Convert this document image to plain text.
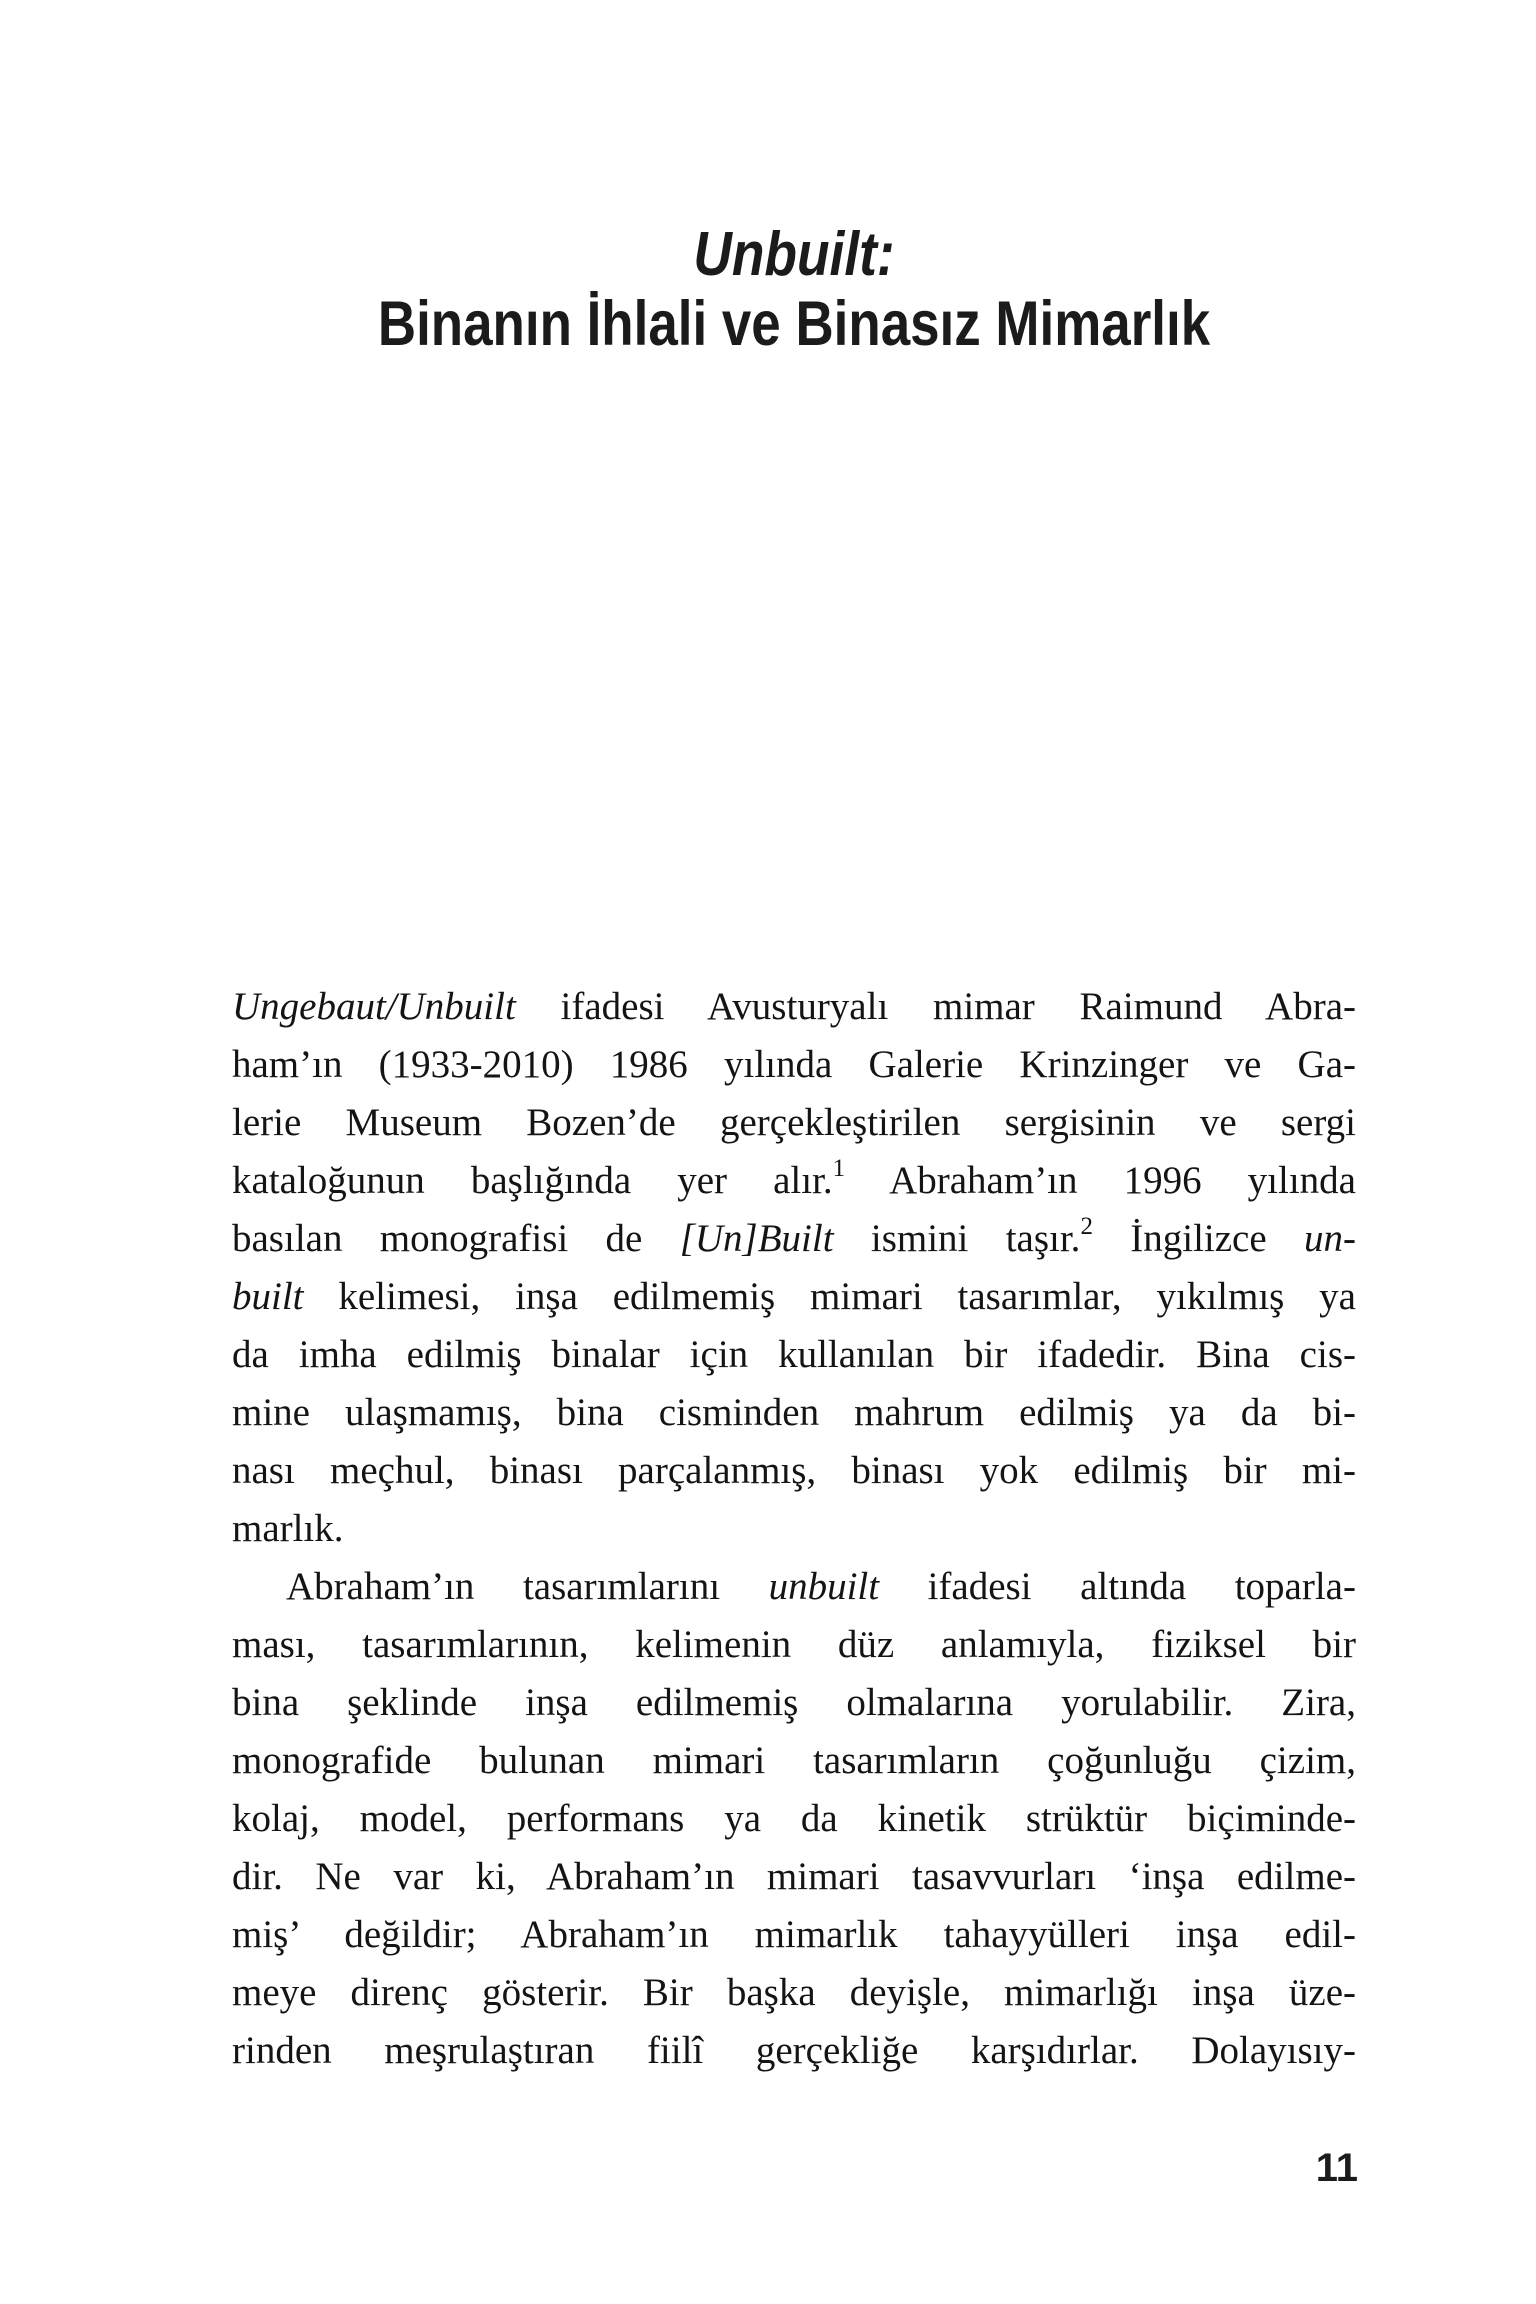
Unbuilt:
Binanın İhlali ve Binasız Mimarlık
Ungebaut/Unbuilt ifadesi Avusturyalı mimar Raimund Abra-
ham’ın (1933-2010) 1986 yılında Galerie Krinzinger ve Ga-
lerie Museum Bozen’de gerçekleştirilen sergisinin ve sergi
kataloğunun başlığında yer alır.$^1$ Abraham’ın 1996 yılında
basılan monografisi de [Un]Built ismini taşır.$^2$ İngilizce un-
built kelimesi, inşa edilmemiş mimari tasarımlar, yıkılmış ya
da imha edilmiş binalar için kullanılan bir ifadedir. Bina cis-
mine ulaşmamış, bina cisminden mahrum edilmiş ya da bi-
nası meçhul, binası parçalanmış, binası yok edilmiş bir mi-
marlık.
Abraham’ın tasarımlarını unbuilt ifadesi altında toparla-
ması, tasarımlarının, kelimenin düz anlamıyla, fiziksel bir
bina şeklinde inşa edilmemiş olmalarına yorulabilir. Zira,
monografide bulunan mimari tasarımların çoğunluğu çizim,
kolaj, model, performans ya da kinetik strüktür biçiminde-
dir. Ne var ki, Abraham’ın mimari tasavvurları ‘inşa edilme-
miş’ değildir; Abraham’ın mimarlık tahayyülleri inşa edil-
meye direnç gösterir. Bir başka deyişle, mimarlığı inşa üze-
rinden meşrulaştıran fiilî gerçekliğe karşıdırlar. Dolayısıy-
11
